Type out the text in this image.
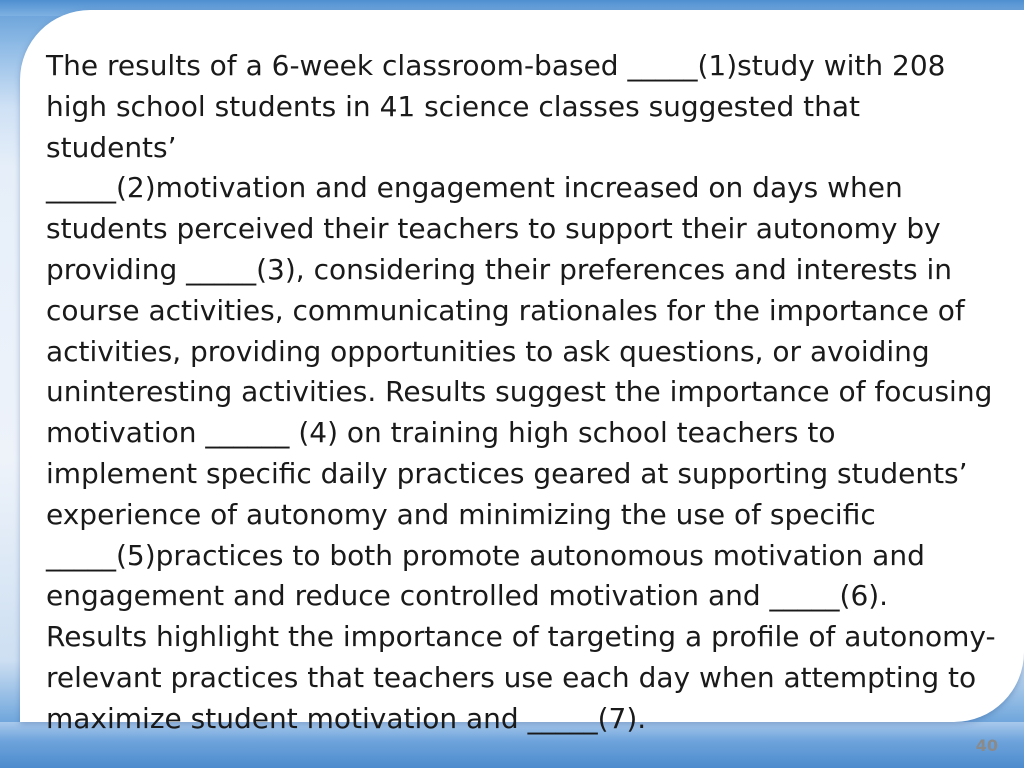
The results of a 6-week classroom-based _____(1)study with 208
high school students in 41 science classes suggested that students’
_____(2)motivation and engagement increased on days when
students perceived their teachers to support their autonomy by
providing _____(3), considering their preferences and interests in
course activities, communicating rationales for the importance of
activities, providing opportunities to ask questions, or avoiding
uninteresting activities. Results suggest the importance of focusing
motivation ______ (4) on training high school teachers to
implement specific daily practices geared at supporting students’
experience of autonomy and minimizing the use of specific
_____(5)practices to both promote autonomous motivation and
engagement and reduce controlled motivation and _____(6).
Results highlight the importance of targeting a profile of autonomy-
relevant practices that teachers use each day when attempting to
maximize student motivation and _____(7).

40
